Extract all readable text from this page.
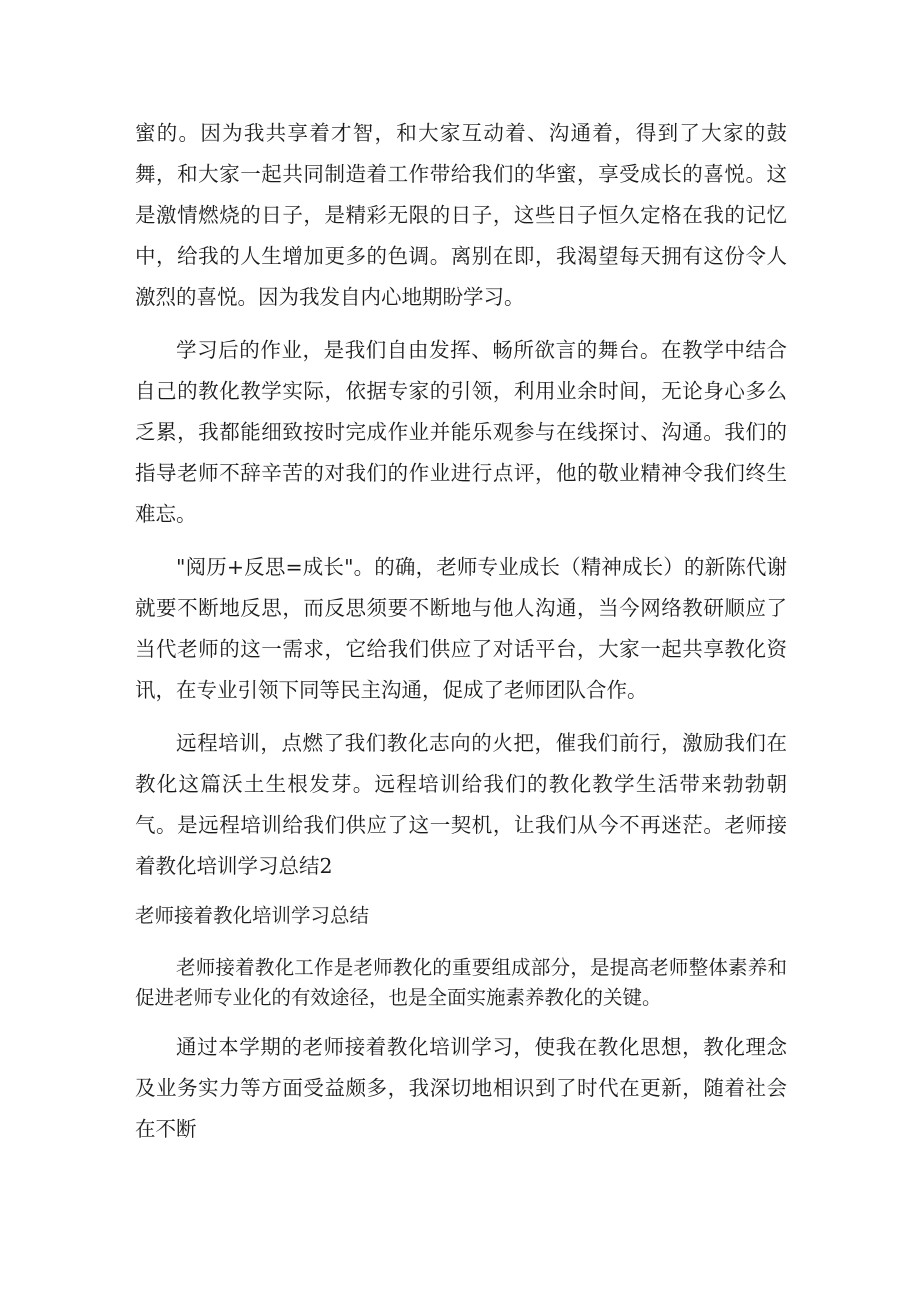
蜜的。因为我共享着才智，和大家互动着、沟通着，得到了大家的鼓舞，和大家一起共同制造着工作带给我们的华蜜，享受成长的喜悦。这是激情燃烧的日子，是精彩无限的日子，这些日子恒久定格在我的记忆中，给我的人生增加更多的色调。离别在即，我渴望每天拥有这份令人激烈的喜悦。因为我发自内心地期盼学习。

学习后的作业，是我们自由发挥、畅所欲言的舞台。在教学中结合自己的教化教学实际，依据专家的引领，利用业余时间，无论身心多么乏累，我都能细致按时完成作业并能乐观参与在线探讨、沟通。我们的指导老师不辞辛苦的对我们的作业进行点评，他的敬业精神令我们终生难忘。

"阅历+反思=成长"。的确，老师专业成长（精神成长）的新陈代谢就要不断地反思，而反思须要不断地与他人沟通，当今网络教研顺应了当代老师的这一需求，它给我们供应了对话平台，大家一起共享教化资讯，在专业引领下同等民主沟通，促成了老师团队合作。

远程培训，点燃了我们教化志向的火把，催我们前行，激励我们在教化这篇沃土生根发芽。远程培训给我们的教化教学生活带来勃勃朝气。是远程培训给我们供应了这一契机，让我们从今不再迷茫。老师接着教化培训学习总结2

老师接着教化培训学习总结

老师接着教化工作是老师教化的重要组成部分，是提高老师整体素养和促进老师专业化的有效途径，也是全面实施素养教化的关键。

通过本学期的老师接着教化培训学习，使我在教化思想，教化理念及业务实力等方面受益颇多，我深切地相识到了时代在更新，随着社会在不断
